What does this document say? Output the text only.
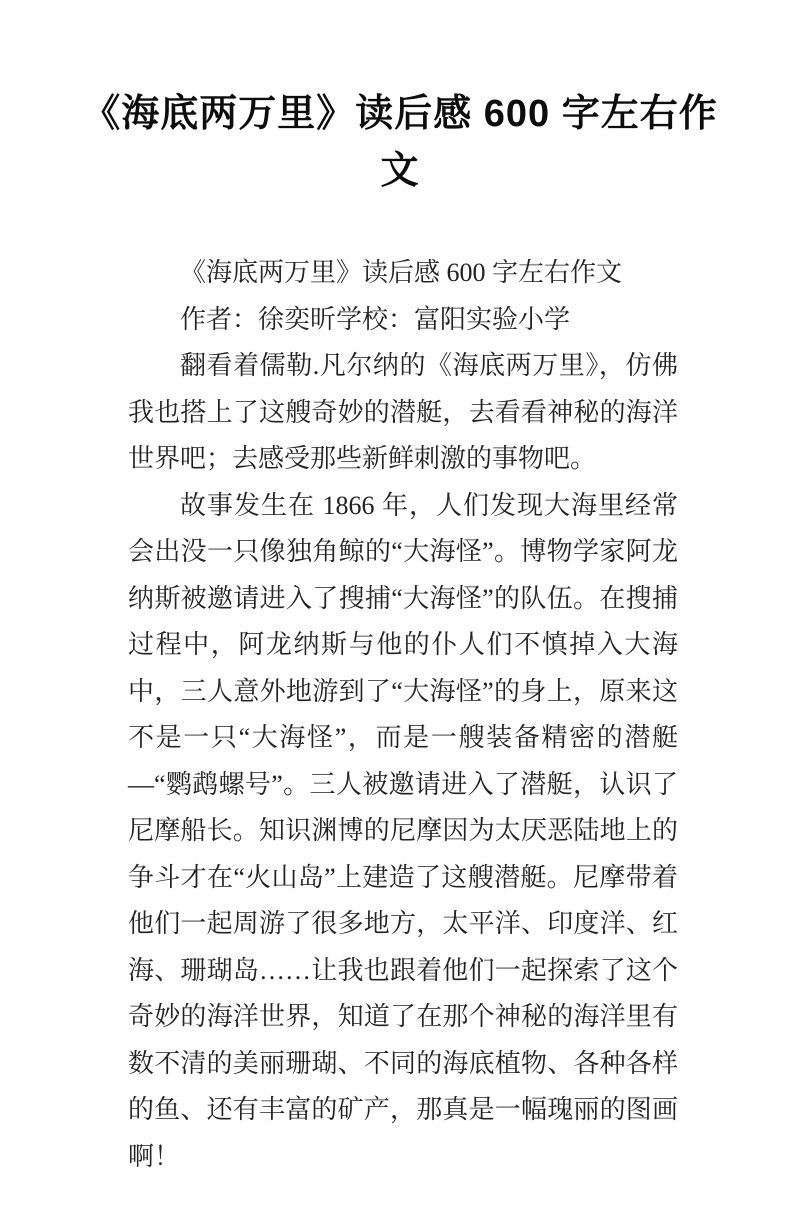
《海底两万里》读后感 600 字左右作文

《海底两万里》读后感 600 字左右作文

作者：徐奕昕学校：富阳实验小学

翻看着儒勒.凡尔纳的《海底两万里》，仿佛我也搭上了这艘奇妙的潜艇，去看看神秘的海洋世界吧；去感受那些新鲜刺激的事物吧。

故事发生在 1866 年，人们发现大海里经常会出没一只像独角鲸的“大海怪”。博物学家阿龙纳斯被邀请进入了搜捕“大海怪”的队伍。在搜捕过程中，阿龙纳斯与他的仆人们不慎掉入大海中，三人意外地游到了“大海怪”的身上，原来这不是一只“大海怪”，而是一艘装备精密的潜艇—“鹦鹉螺号”。三人被邀请进入了潜艇，认识了尼摩船长。知识渊博的尼摩因为太厌恶陆地上的争斗才在“火山岛”上建造了这艘潜艇。尼摩带着他们一起周游了很多地方，太平洋、印度洋、红海、珊瑚岛……让我也跟着他们一起探索了这个奇妙的海洋世界，知道了在那个神秘的海洋里有数不清的美丽珊瑚、不同的海底植物、各种各样的鱼、还有丰富的矿产，那真是一幅瑰丽的图画啊！
